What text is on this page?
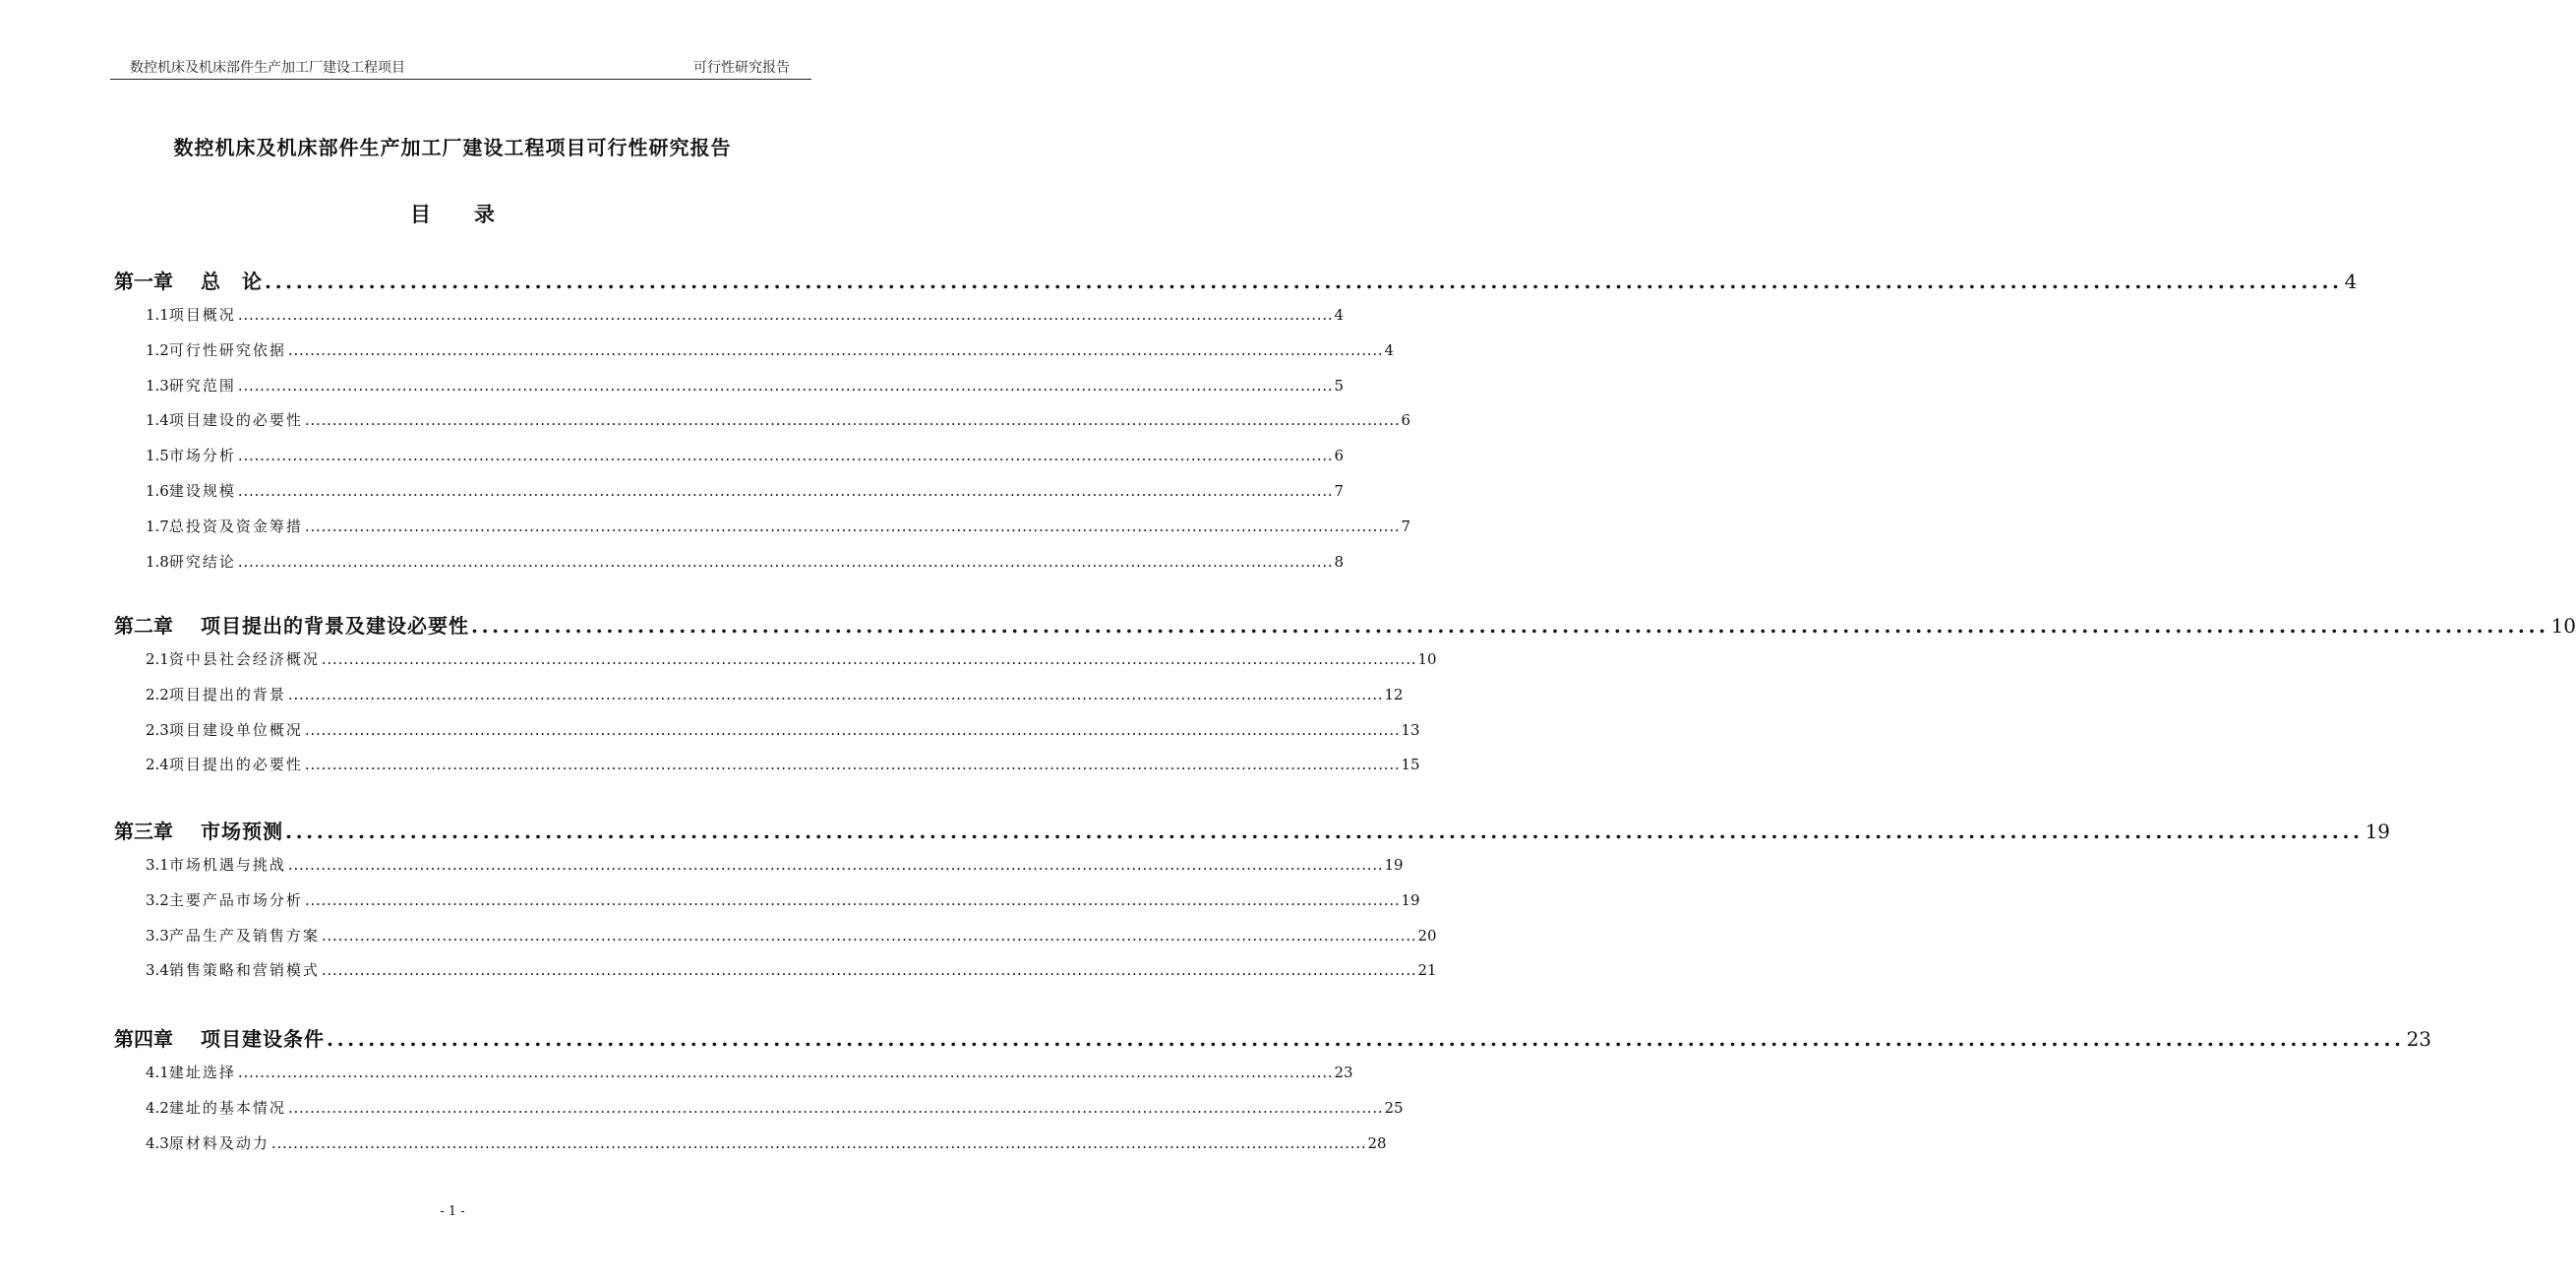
数控机床及机床部件生产加工厂建设工程项目	可行性研究报告
数控机床及机床部件生产加工厂建设工程项目可行性研究报告
目录
第一章 总　论 ........................................................................................................................................................................................................ 4
1.1 项目概况 ........................................................................................................................................................................................................ 4
1.2 可行性研究依据 ........................................................................................................................................................................................................ 4
1.3 研究范围 ........................................................................................................................................................................................................ 5
1.4 项目建设的必要性 ........................................................................................................................................................................................................ 6
1.5 市场分析 ........................................................................................................................................................................................................ 6
1.6 建设规模 ........................................................................................................................................................................................................ 7
1.7 总投资及资金筹措 ........................................................................................................................................................................................................ 7
1.8 研究结论 ........................................................................................................................................................................................................ 8
第二章 项目提出的背景及建设必要性 ........................................................................................................................................................................................................ 10
2.1 资中县社会经济概况 ........................................................................................................................................................................................................ 10
2.2 项目提出的背景 ........................................................................................................................................................................................................ 12
2.3 项目建设单位概况 ........................................................................................................................................................................................................ 13
2.4 项目提出的必要性 ........................................................................................................................................................................................................ 15
第三章 市场预测 ........................................................................................................................................................................................................ 19
3.1 市场机遇与挑战 ........................................................................................................................................................................................................ 19
3.2 主要产品市场分析 ........................................................................................................................................................................................................ 19
3.3 产品生产及销售方案 ........................................................................................................................................................................................................ 20
3.4 销售策略和营销模式 ........................................................................................................................................................................................................ 21
第四章 项目建设条件 ........................................................................................................................................................................................................ 23
4.1 建址选择 ........................................................................................................................................................................................................ 23
4.2 建址的基本情况 ........................................................................................................................................................................................................ 25
4.3 原材料及动力 ........................................................................................................................................................................................................ 28
- 1 -
